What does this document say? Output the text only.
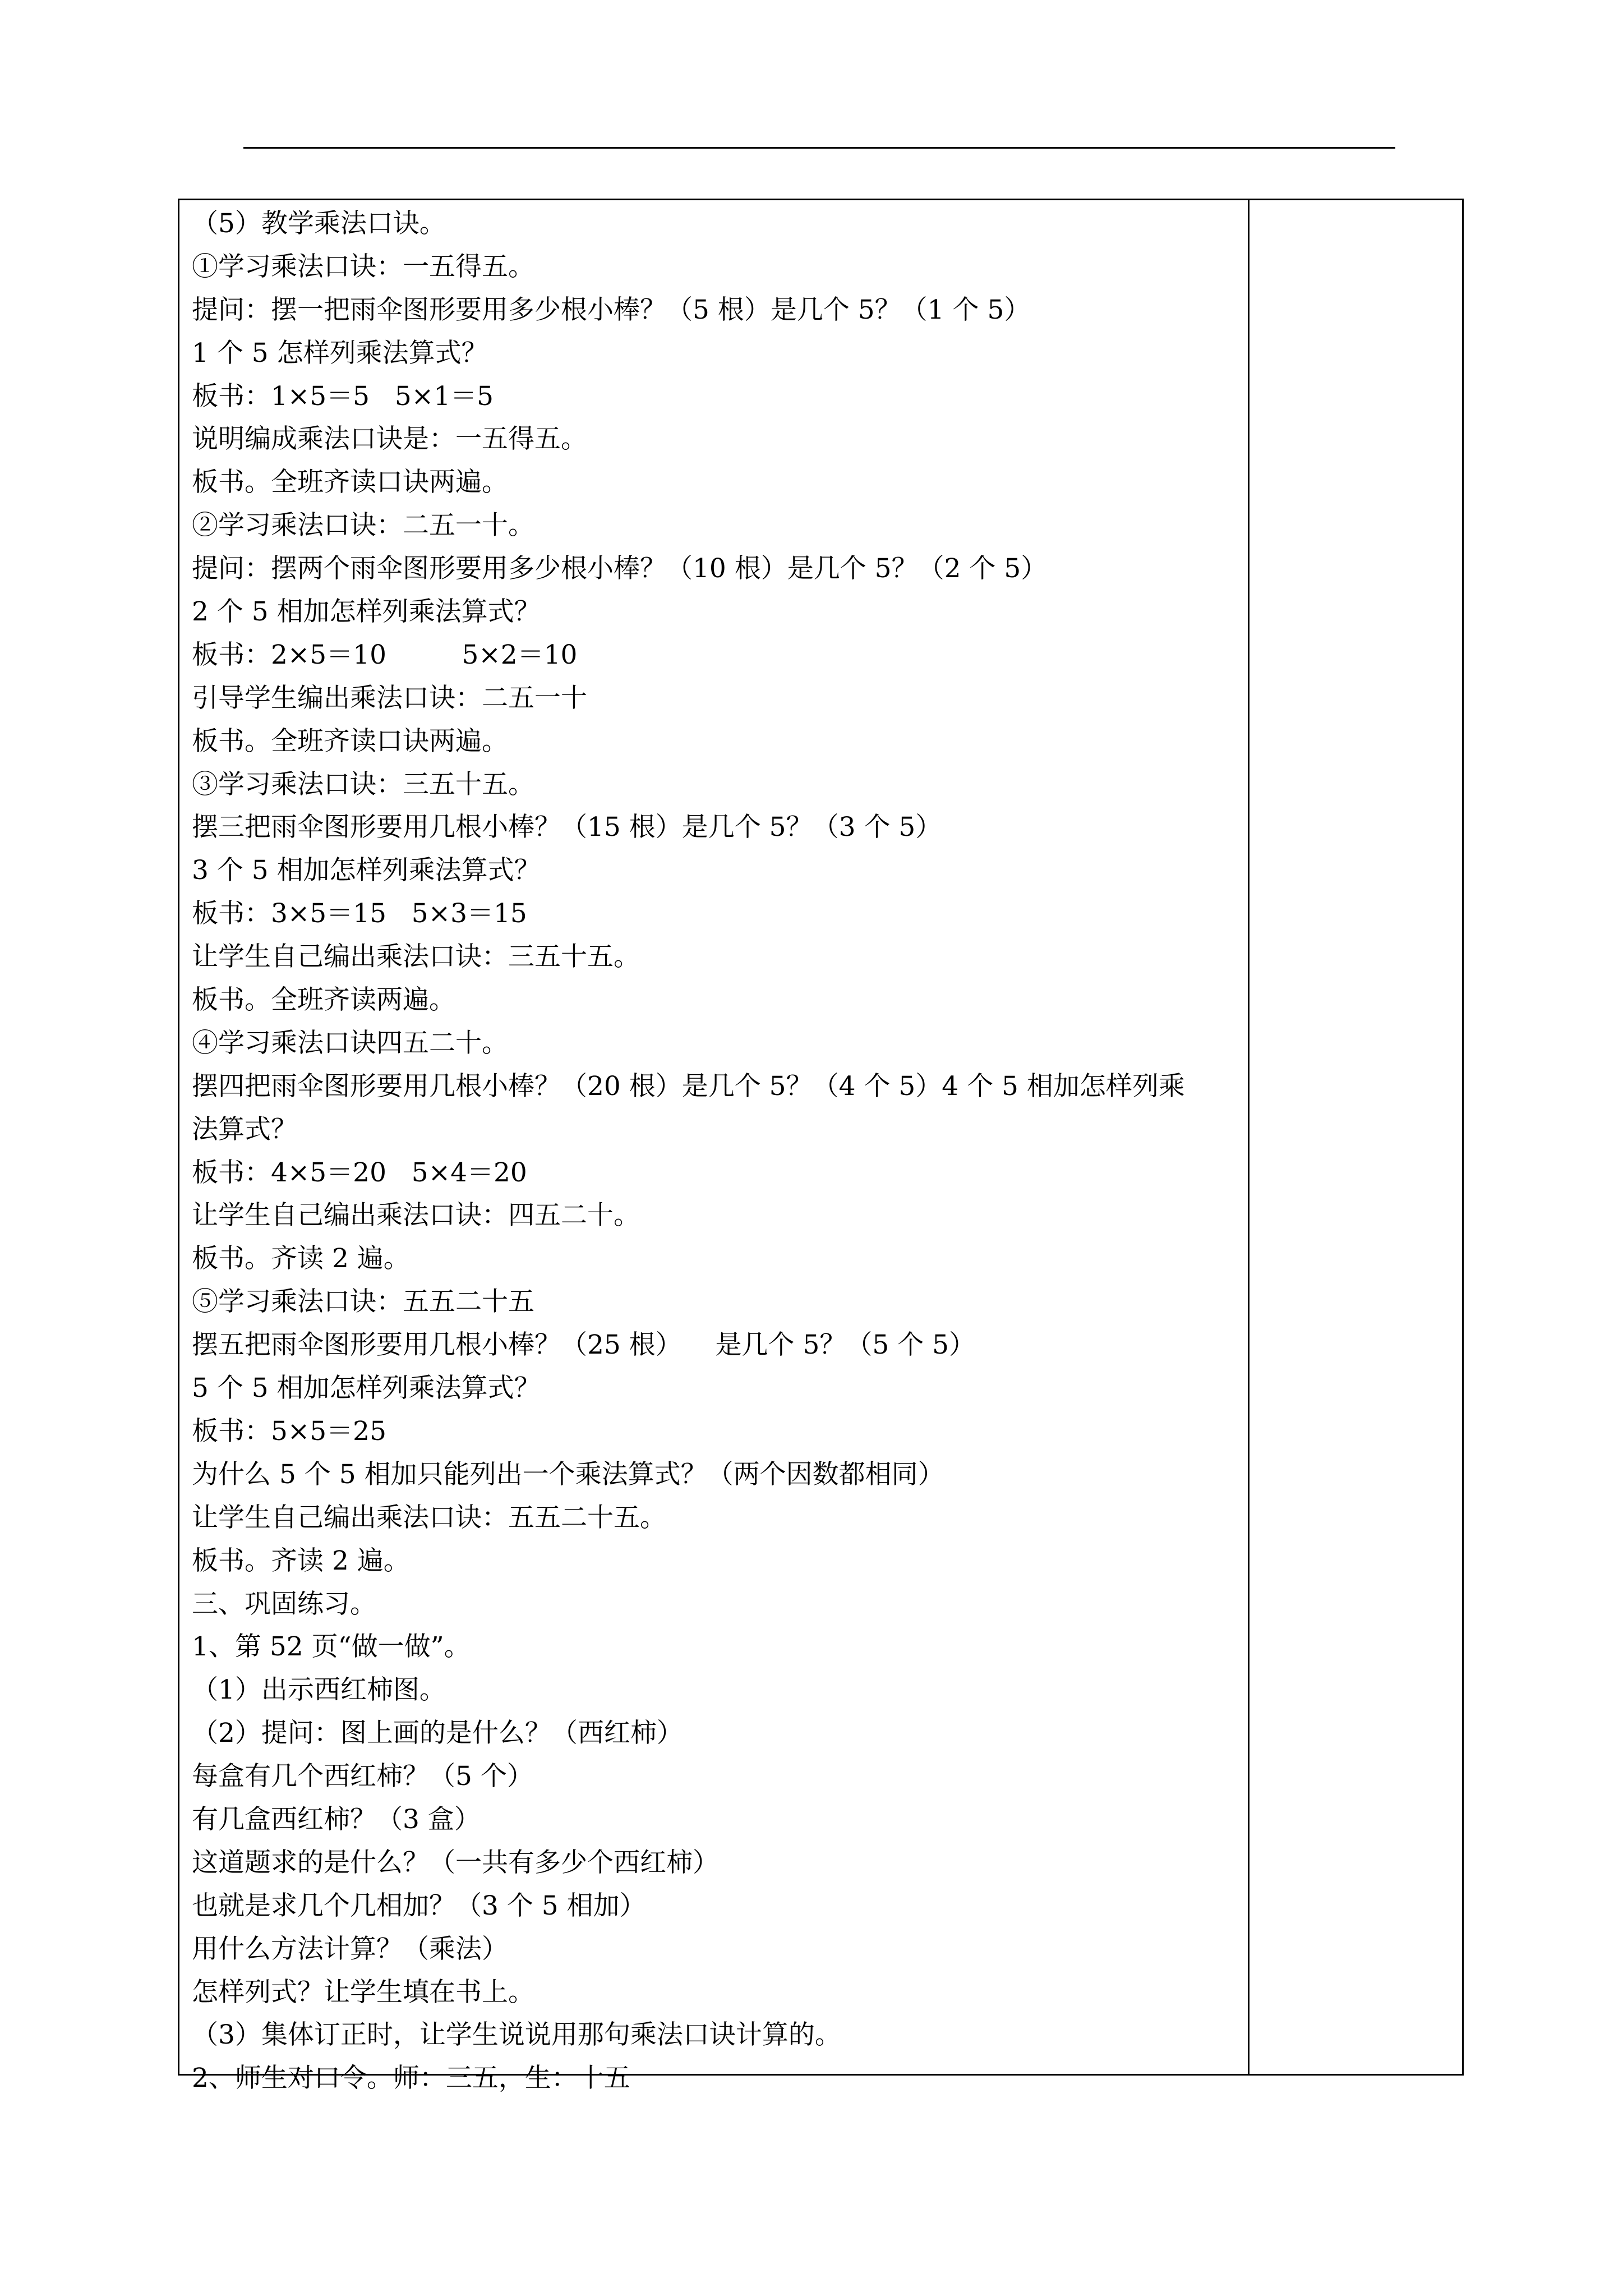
（5）教学乘法口诀。
①学习乘法口诀：一五得五。
提问：摆一把雨伞图形要用多少根小棒？（5 根）是几个 5？（1 个 5）
1 个 5 怎样列乘法算式？
板书：1×5＝5   5×1＝5
说明编成乘法口诀是：一五得五。
板书。全班齐读口诀两遍。
②学习乘法口诀：二五一十。
提问：摆两个雨伞图形要用多少根小棒？（10 根）是几个 5？（2 个 5）
2 个 5 相加怎样列乘法算式？
板书：2×5＝10         5×2＝10
引导学生编出乘法口诀：二五一十
板书。全班齐读口诀两遍。
③学习乘法口诀：三五十五。
摆三把雨伞图形要用几根小棒？（15 根）是几个 5？（3 个 5）
3 个 5 相加怎样列乘法算式？
板书：3×5＝15   5×3＝15
让学生自己编出乘法口诀：三五十五。
板书。全班齐读两遍。
④学习乘法口诀四五二十。
摆四把雨伞图形要用几根小棒？（20 根）是几个 5？（4 个 5）4 个 5 相加怎样列乘
法算式？
板书：4×5＝20   5×4＝20
让学生自己编出乘法口诀：四五二十。
板书。齐读 2 遍。
⑤学习乘法口诀：五五二十五
摆五把雨伞图形要用几根小棒？（25 根）    是几个 5？（5 个 5）
5 个 5 相加怎样列乘法算式？
板书：5×5＝25
为什么 5 个 5 相加只能列出一个乘法算式？（两个因数都相同）
让学生自己编出乘法口诀：五五二十五。
板书。齐读 2 遍。
三、巩固练习。
1、第 52 页“做一做”。
（1）出示西红柿图。
（2）提问：图上画的是什么？（西红柿）
每盒有几个西红柿？（5 个）
有几盒西红柿？（3 盒）
这道题求的是什么？（一共有多少个西红柿）
也就是求几个几相加？（3 个 5 相加）
用什么方法计算？（乘法）
怎样列式？让学生填在书上。
（3）集体订正时，让学生说说用那句乘法口诀计算的。
2、师生对口令。师：三五，生：十五
